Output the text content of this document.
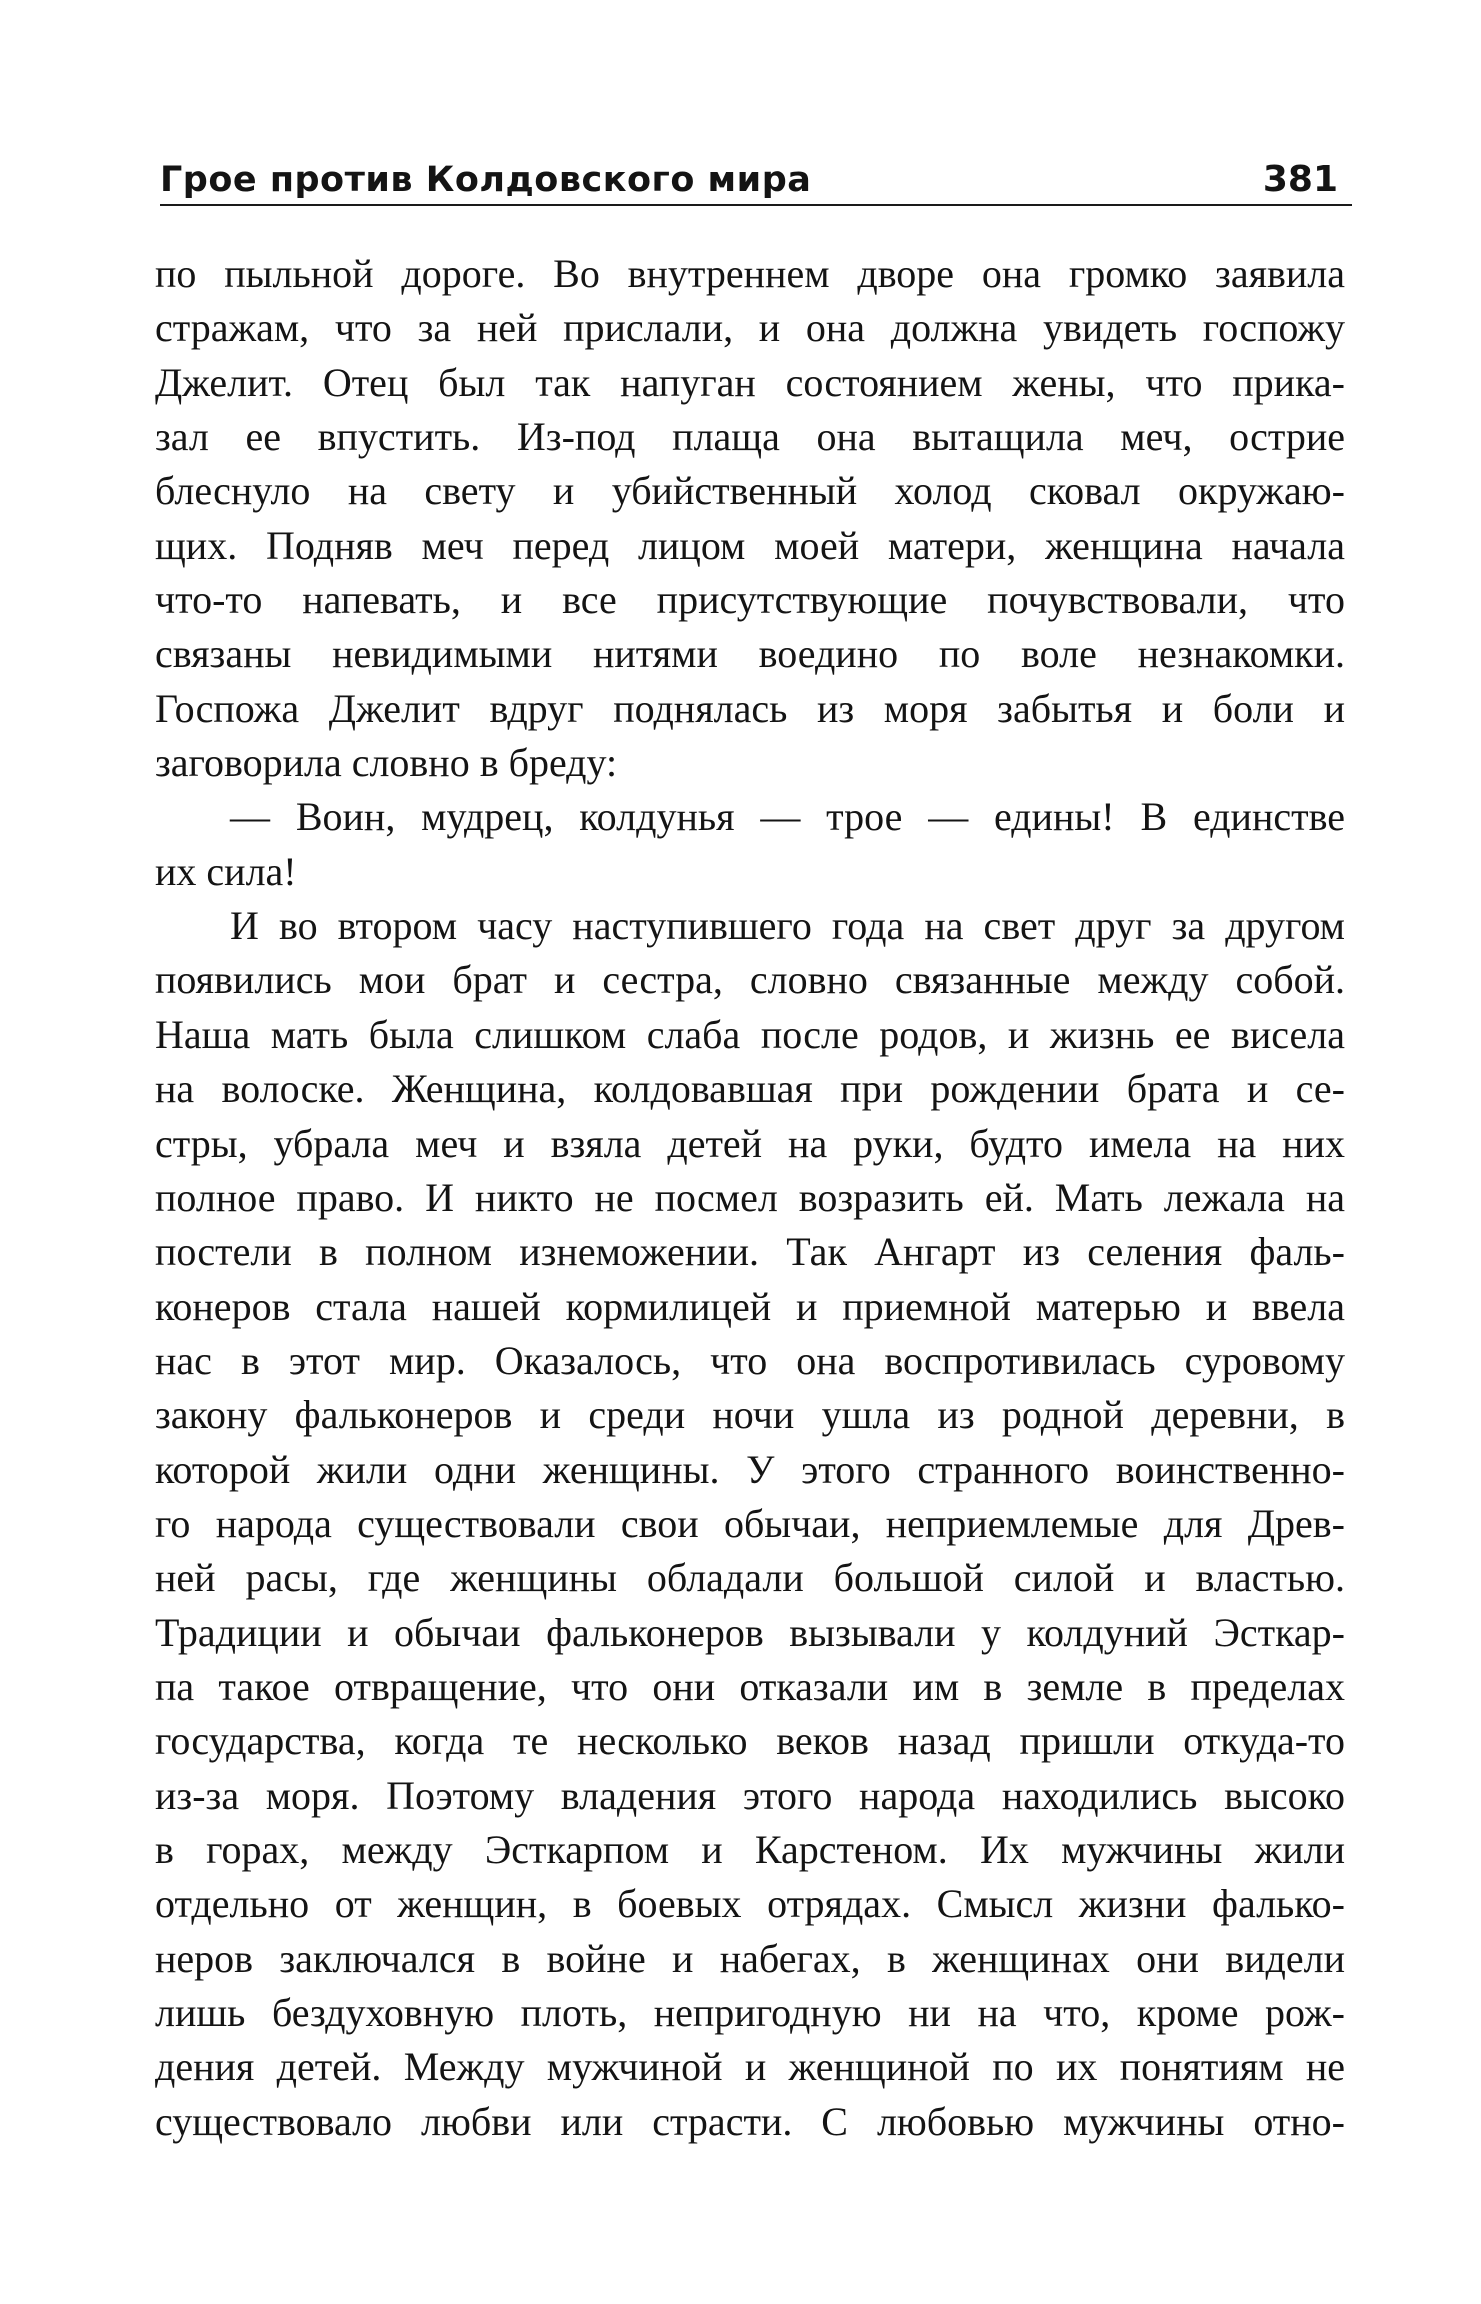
Грое против Колдовского мира	381
по пыльной дороге. Во внутреннем дворе она громко заявила
стражам, что за ней прислали, и она должна увидеть госпожу
Джелит. Отец был так напуган состоянием жены, что прика-
зал ее впустить. Из-под плаща она вытащила меч, острие
блеснуло на свету и убийственный холод сковал окружаю-
щих. Подняв меч перед лицом моей матери, женщина начала
что-то напевать, и все присутствующие почувствовали, что
связаны невидимыми нитями воедино по воле незнакомки.
Госпожа Джелит вдруг поднялась из моря забытья и боли и
заговорила словно в бреду:
— Воин, мудрец, колдунья — трое — едины! В единстве
их сила!
И во втором часу наступившего года на свет друг за другом
появились мои брат и сестра, словно связанные между собой.
Наша мать была слишком слаба после родов, и жизнь ее висела
на волоске. Женщина, колдовавшая при рождении брата и се-
стры, убрала меч и взяла детей на руки, будто имела на них
полное право. И никто не посмел возразить ей. Мать лежала на
постели в полном изнеможении. Так Ангарт из селения фаль-
конеров стала нашей кормилицей и приемной матерью и ввела
нас в этот мир. Оказалось, что она воспротивилась суровому
закону фальконеров и среди ночи ушла из родной деревни, в
которой жили одни женщины. У этого странного воинственно-
го народа существовали свои обычаи, неприемлемые для Древ-
ней расы, где женщины обладали большой силой и властью.
Традиции и обычаи фальконеров вызывали у колдуний Эсткар-
па такое отвращение, что они отказали им в земле в пределах
государства, когда те несколько веков назад пришли откуда-то
из-за моря. Поэтому владения этого народа находились высоко
в горах, между Эсткарпом и Карстеном. Их мужчины жили
отдельно от женщин, в боевых отрядах. Смысл жизни фалько-
неров заключался в войне и набегах, в женщинах они видели
лишь бездуховную плоть, непригодную ни на что, кроме рож-
дения детей. Между мужчиной и женщиной по их понятиям не
существовало любви или страсти. С любовью мужчины отно-
